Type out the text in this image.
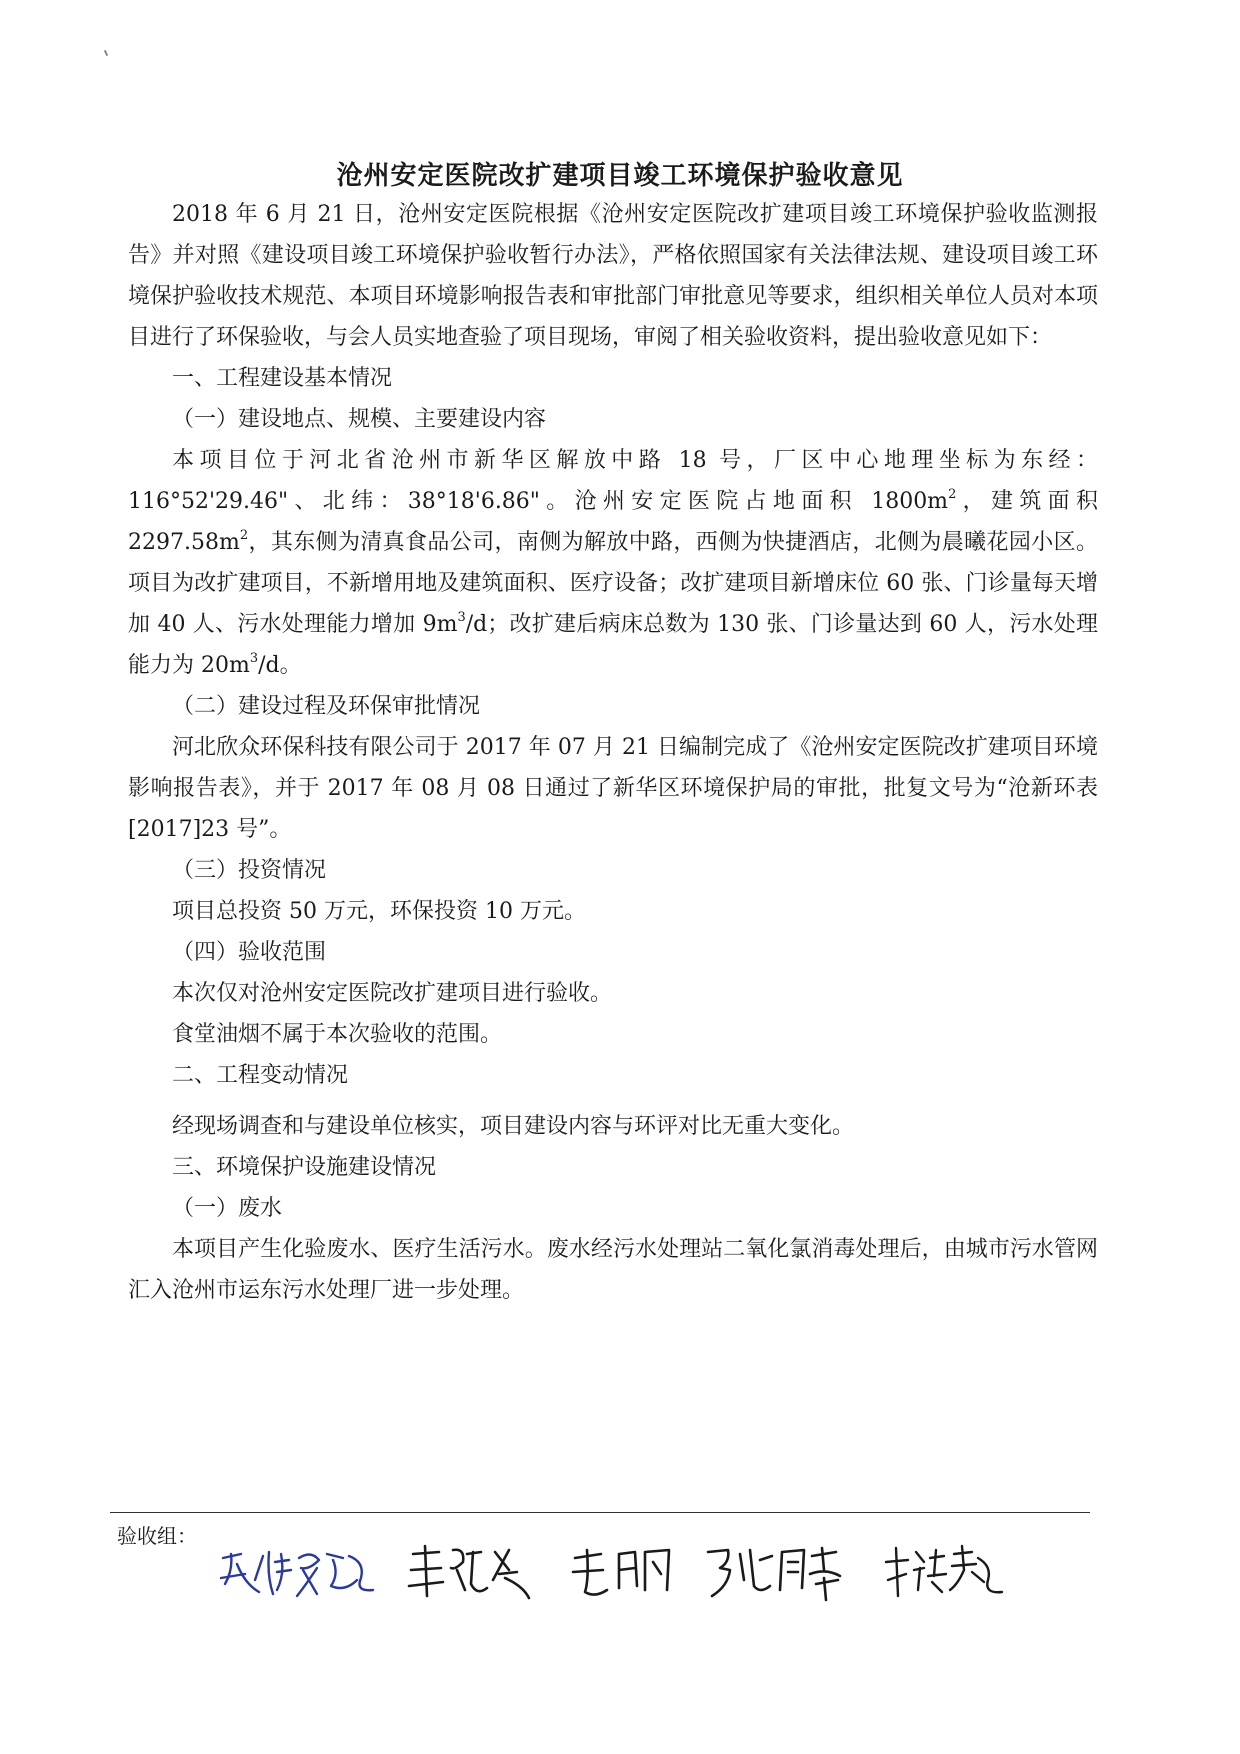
沧州安定医院改扩建项目竣工环境保护验收意见

2018 年 6 月 21 日，沧州安定医院根据《沧州安定医院改扩建项目竣工环境保护验收监测报告》并对照《建设项目竣工环境保护验收暂行办法》，严格依照国家有关法律法规、建设项目竣工环境保护验收技术规范、本项目环境影响报告表和审批部门审批意见等要求，组织相关单位人员对本项目进行了环保验收，与会人员实地查验了项目现场，审阅了相关验收资料，提出验收意见如下：

一、工程建设基本情况

（一）建设地点、规模、主要建设内容

本项目位于河北省沧州市新华区解放中路 18 号，厂区中心地理坐标为东经：116°52'29.46"、北纬：38°18'6.86"。沧州安定医院占地面积 $1800m^2$，建筑面积 $2297.58m^2$，其东侧为清真食品公司，南侧为解放中路，西侧为快捷酒店，北侧为晨曦花园小区。项目为改扩建项目，不新增用地及建筑面积、医疗设备；改扩建项目新增床位 60 张、门诊量每天增加 40 人、污水处理能力增加 $9m^3/d$；改扩建后病床总数为 130 张、门诊量达到 60 人，污水处理能力为 $20m^3/d$。

（二）建设过程及环保审批情况

河北欣众环保科技有限公司于 2017 年 07 月 21 日编制完成了《沧州安定医院改扩建项目环境影响报告表》，并于 2017 年 08 月 08 日通过了新华区环境保护局的审批，批复文号为“沧新环表[2017]23 号”。

（三）投资情况

项目总投资 50 万元，环保投资 10 万元。

（四）验收范围

本次仅对沧州安定医院改扩建项目进行验收。

食堂油烟不属于本次验收的范围。

二、工程变动情况

经现场调查和与建设单位核实，项目建设内容与环评对比无重大变化。

三、环境保护设施建设情况

（一）废水

本项目产生化验废水、医疗生活污水。废水经污水处理站二氧化氯消毒处理后，由城市污水管网汇入沧州市运东污水处理厂进一步处理。

验收组：
